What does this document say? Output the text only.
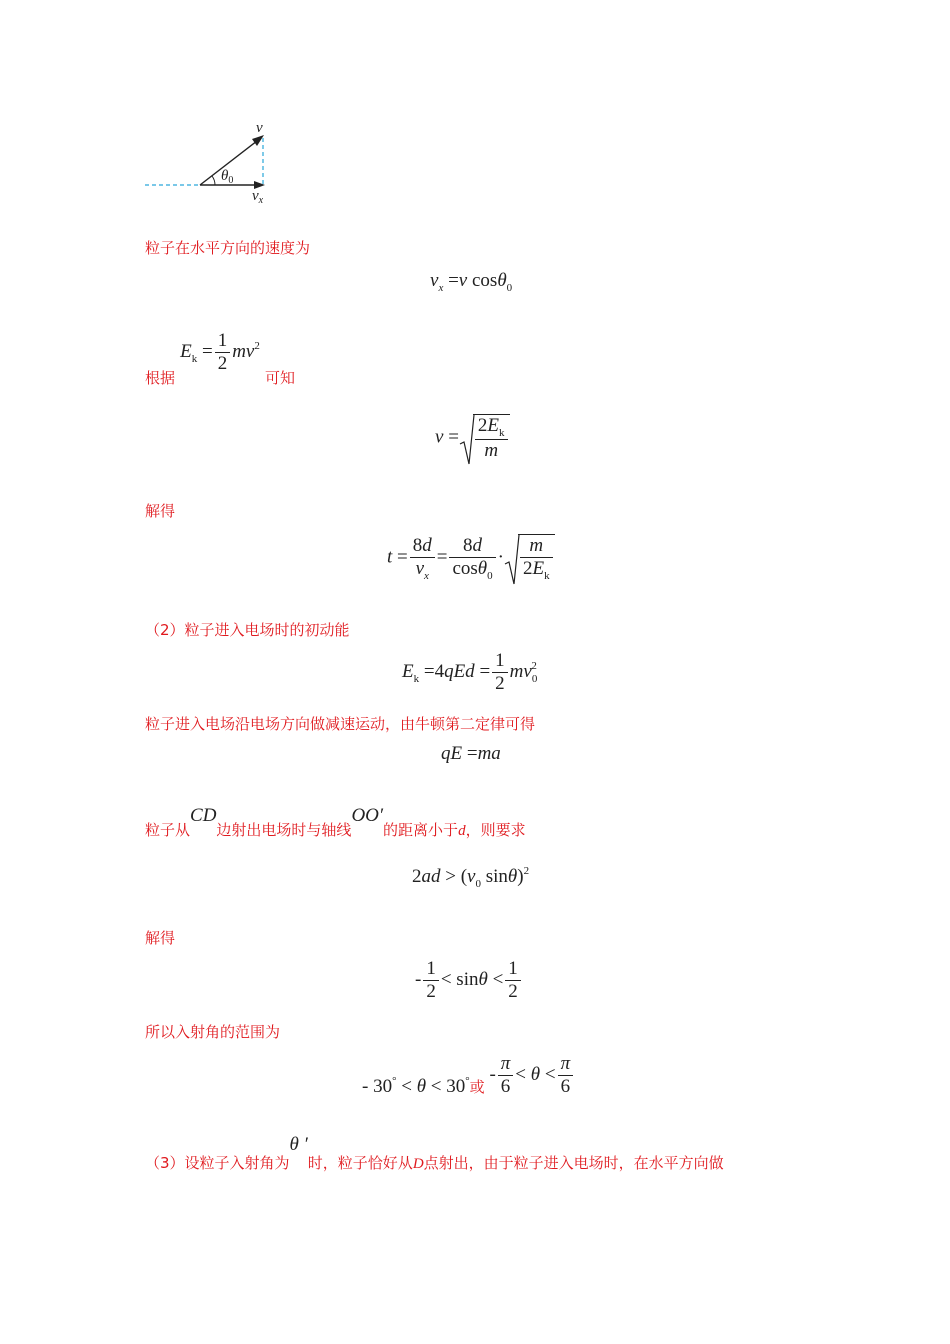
v
$\theta_0$
$v_x$
粒子在水平方向的速度为
$v_x =v$ cosθ$_0$
根据 $E_k = \frac{1}{2} mv^2$ 可知
$v = \frac{2E_k}{m}$
解得
$t = \frac{8d}{v_x} = \frac{8d}{\cos\theta_0} \cdot \frac{m}{2E_k}$
（2）粒子进入电场时的初动能
$E_k =4qEd = \frac{1}{2} mv_0^2$
粒子进入电场沿电场方向做减速运动，由牛顿第二定律可得
qE =ma
粒子从CD边射出电场时与轴线OO′的距离小于d，则要求
$2ad > (v_0$ sinθ)$^2$
解得
- $\frac{1}{2} < \sin\theta < \frac{1}{2}$
所以入射角的范围为
- $30^\circ < \theta < 30^\circ_或 - \frac{\pi}{6} < \theta < \frac{\pi}{6}$
（3）设粒子入射角为θ ′时，粒子恰好从D点射出，由于粒子进入电场时，在水平方向做
